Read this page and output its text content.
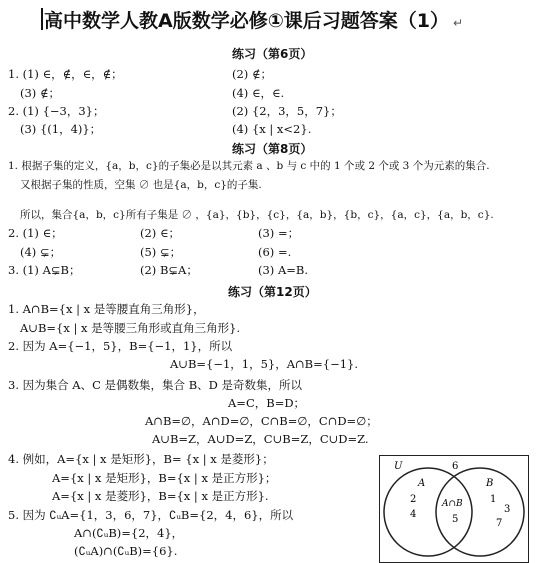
高中数学人教A版数学必修①课后习题答案（1） ↵
练习（第6页）
1. (1) ∈，∉，∈，∉；	(2) ∉；
(3) ∉；	(4) ∈，∈.
2. (1) {−3，3}；	(2) {2，3，5，7}；
(3) {(1，4)}；	(4) {x | x<2}.
练习（第8页）
1. 根据子集的定义，{a，b，c}的子集必是以其元素 a 、b 与 c 中的 1 个或 2 个或 3 个为元素的集合.
又根据子集的性质，空集 ∅ 也是{a，b，c}的子集.
所以，集合{a，b，c}所有子集是 ∅ ，{a}，{b}，{c}，{a，b}，{b，c}，{a，c}，{a，b，c}.
2. (1) ∈；	(2) ∈；	(3) =；
(4) ⊊；	(5) ⊊；	(6) =.
3. (1) A⊊B；	(2) B⊊A；	(3) A=B.
练习（第12页）
1. A∩B={x | x 是等腰直角三角形}，
A∪B={x | x 是等腰三角形或直角三角形}.
2. 因为 A={−1，5}，B={−1，1}，所以
A∪B={−1，1，5}，A∩B={−1}.
3. 因为集合 A、C 是偶数集，集合 B、D 是奇数集，所以
A=C，B=D；
A∩B=∅，A∩D=∅，C∩B=∅，C∩D=∅；
A∪B=Z，A∪D=Z，C∪B=Z，C∪D=Z.
4. 例如，A={x | x 是矩形}，B= {x | x 是菱形}；
A={x | x 是矩形}，B={x | x 是正方形}；
A={x | x 是菱形}，B={x | x 是正方形}.
5. 因为 ∁ᵤA={1，3，6，7}，∁ᵤB={2，4，6}，所以
A∩(∁ᵤB)={2，4}，
(∁ᵤA)∩(∁ᵤB)={6}.
U	6
A	B
2
4
A∩B
5
1
3
7
